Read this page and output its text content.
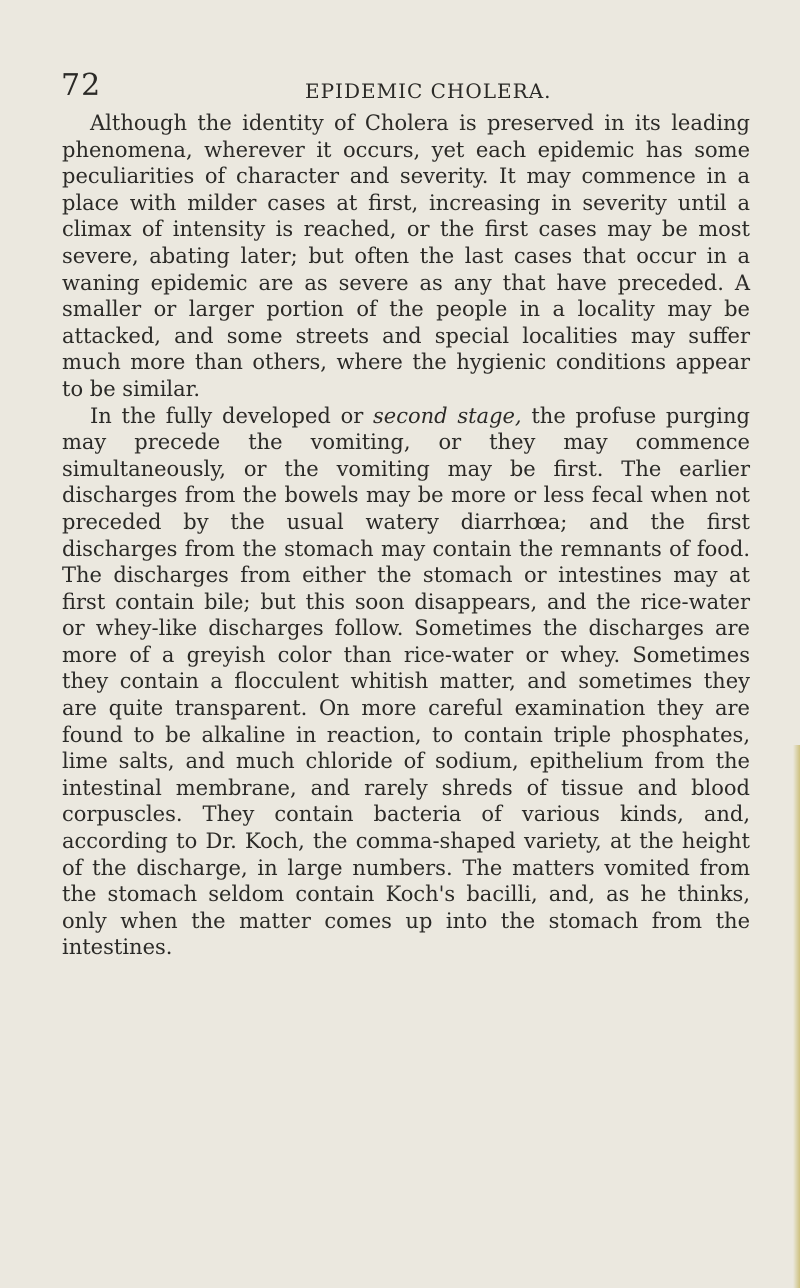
72	EPIDEMIC CHOLERA.

Although the identity of Cholera is preserved in its leading phenomena, wherever it occurs, yet each epidemic has some peculiarities of character and severity. It may commence in a place with milder cases at first, increasing in severity until a climax of intensity is reached, or the first cases may be most severe, abating later; but often the last cases that occur in a waning epidemic are as severe as any that have preceded. A smaller or larger portion of the people in a locality may be attacked, and some streets and special localities may suffer much more than others, where the hygienic conditions appear to be similar.

In the fully developed or second stage, the profuse purging may precede the vomiting, or they may commence simultaneously, or the vomiting may be first. The earlier discharges from the bowels may be more or less fecal when not preceded by the usual watery diarrhœa; and the first discharges from the stomach may contain the remnants of food. The discharges from either the stomach or intestines may at first contain bile; but this soon disappears, and the rice-water or whey-like discharges follow. Sometimes the discharges are more of a greyish color than rice-water or whey. Sometimes they contain a flocculent whitish matter, and sometimes they are quite transparent. On more careful examination they are found to be alkaline in reaction, to contain triple phosphates, lime salts, and much chloride of sodium, epithelium from the intestinal membrane, and rarely shreds of tissue and blood corpuscles. They contain bacteria of various kinds, and, according to Dr. Koch, the comma-shaped variety, at the height of the discharge, in large numbers. The matters vomited from the stomach seldom contain Koch's bacilli, and, as he thinks, only when the matter comes up into the stomach from the intestines.
